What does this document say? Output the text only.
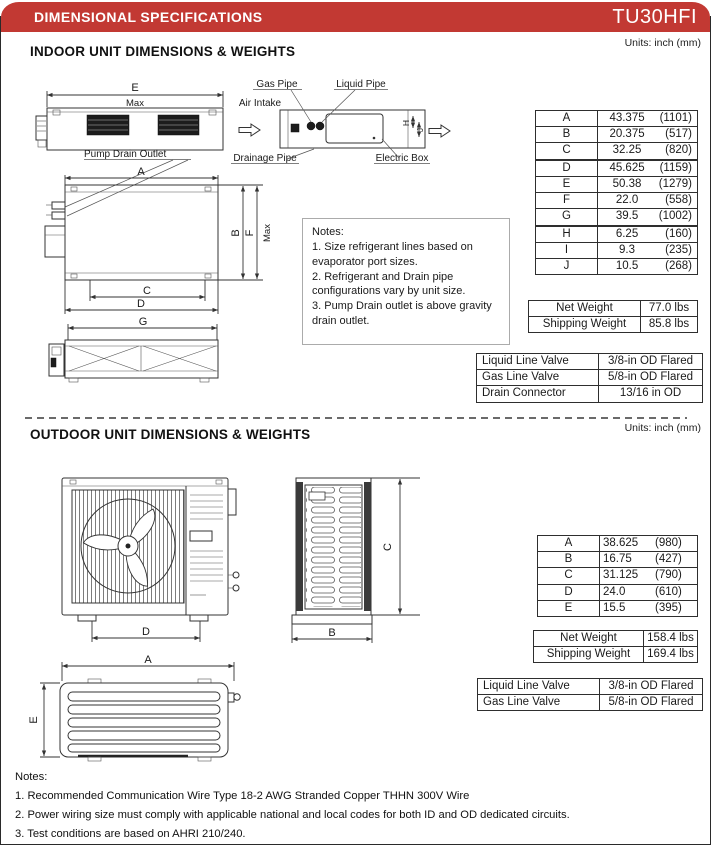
DIMENSIONAL SPECIFICATIONS	TU30HFI
Units: inch (mm)
INDOOR UNIT DIMENSIONS & WEIGHTS
E
Max
Pump Drain Outlet
H
J
Air Intake
Gas Pipe	Liquid Pipe
Drainage Pipe	Electric Box
A
C
D
B F Max
G
Notes:
1. Size refrigerant lines based on evaporator port sizes.
2. Refrigerant and Drain pipe configurations vary by unit size.
3. Pump Drain outlet is above gravity drain outlet.
A	43.375 (1101)
B	20.375 (517)
C	32.25 (820)
D	45.625 (1159)
E	50.38 (1279)
F	22.0 (558)
G	39.5 (1002)
H	6.25 (160)
I	9.3 (235)
J	10.5 (268)
Net Weight	77.0 lbs
Shipping Weight	85.8 lbs
Liquid Line Valve	3/8-in OD Flared
Gas Line Valve	5/8-in OD Flared
Drain Connector	13/16 in OD
Units: inch (mm)
OUTDOOR UNIT DIMENSIONS & WEIGHTS
D	B
C
A
E
A	38.625 (980)
B	16.75 (427)
C	31.125 (790)
D	24.0 (610)
E	15.5 (395)
Net Weight	158.4 lbs
Shipping Weight	169.4 lbs
Liquid Line Valve	3/8-in OD Flared
Gas Line Valve	5/8-in OD Flared
Notes:
1. Recommended Communication Wire Type 18-2 AWG Stranded Copper THHN 300V Wire
2. Power wiring size must comply with applicable national and local codes for both ID and OD dedicated circuits.
3. Test conditions are based on AHRI 210/240.
